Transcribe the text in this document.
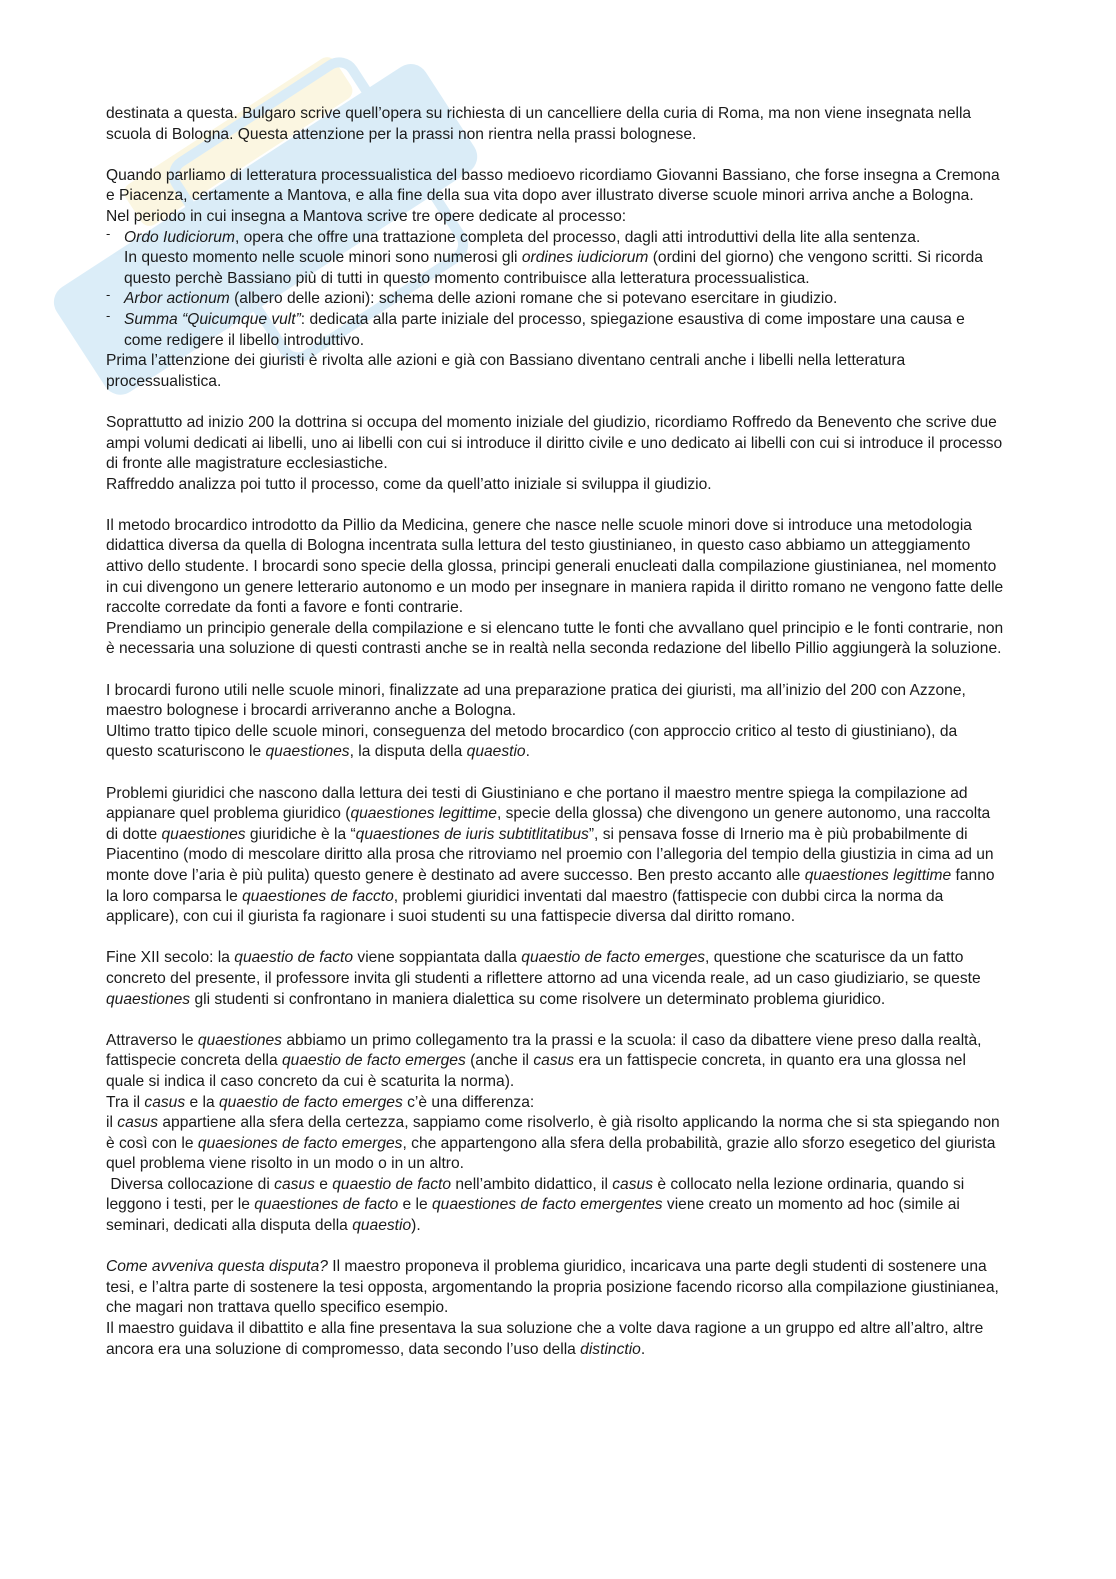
destinata a questa. Bulgaro scrive quell’opera su richiesta di un cancelliere della curia di Roma, ma non viene insegnata nella scuola di Bologna. Questa attenzione per la prassi non rientra nella prassi bolognese.

Quando parliamo di letteratura processualistica del basso medioevo ricordiamo Giovanni Bassiano, che forse insegna a Cremona e Piacenza, certamente a Mantova, e alla fine della sua vita dopo aver illustrato diverse scuole minori arriva anche a Bologna.

Nel periodo in cui insegna a Mantova scrive tre opere dedicate al processo:

- Ordo Iudiciorum, opera che offre una trattazione completa del processo, dagli atti introduttivi della lite alla sentenza.
In questo momento nelle scuole minori sono numerosi gli ordines iudiciorum (ordini del giorno) che vengono scritti. Si ricorda questo perchè Bassiano più di tutti in questo momento contribuisce alla letteratura processualistica.

- Arbor actionum (albero delle azioni): schema delle azioni romane che si potevano esercitare in giudizio.

- Summa “Quicumque vult”: dedicata alla parte iniziale del processo, spiegazione esaustiva di come impostare una causa e come redigere il libello introduttivo.

Prima l’attenzione dei giuristi è rivolta alle azioni e già con Bassiano diventano centrali anche i libelli nella letteratura processualistica.

Soprattutto ad inizio 200 la dottrina si occupa del momento iniziale del giudizio, ricordiamo Roffredo da Benevento che scrive due ampi volumi dedicati ai libelli, uno ai libelli con cui si introduce il diritto civile e uno dedicato ai libelli con cui si introduce il processo di fronte alle magistrature ecclesiastiche.

Raffreddo analizza poi tutto il processo, come da quell’atto iniziale si sviluppa il giudizio.

Il metodo brocardico introdotto da Pillio da Medicina, genere che nasce nelle scuole minori dove si introduce una metodologia didattica diversa da quella di Bologna incentrata sulla lettura del testo giustinianeo, in questo caso abbiamo un atteggiamento attivo dello studente. I brocardi sono specie della glossa, principi generali enucleati dalla compilazione giustinianea, nel momento in cui divengono un genere letterario autonomo e un modo per insegnare in maniera rapida il diritto romano ne vengono fatte delle raccolte corredate da fonti a favore e fonti contrarie.

Prendiamo un principio generale della compilazione e si elencano tutte le fonti che avvallano quel principio e le fonti contrarie, non è necessaria una soluzione di questi contrasti anche se in realtà nella seconda redazione del libello Pillio aggiungerà la soluzione.

I brocardi furono utili nelle scuole minori, finalizzate ad una preparazione pratica dei giuristi, ma all’inizio del 200 con Azzone, maestro bolognese i brocardi arriveranno anche a Bologna.

Ultimo tratto tipico delle scuole minori, conseguenza del metodo brocardico (con approccio critico al testo di giustiniano), da questo scaturiscono le quaestiones, la disputa della quaestio.

Problemi giuridici che nascono dalla lettura dei testi di Giustiniano e che portano il maestro mentre spiega la compilazione ad appianare quel problema giuridico (quaestiones legittime, specie della glossa) che divengono un genere autonomo, una raccolta di dotte quaestiones giuridiche è la “quaestiones de iuris subtitlitatibus”, si pensava fosse di Irnerio ma è più probabilmente di Piacentino (modo di mescolare diritto alla prosa che ritroviamo nel proemio con l’allegoria del tempio della giustizia in cima ad un monte dove l’aria è più pulita) questo genere è destinato ad avere successo. Ben presto accanto alle quaestiones legittime fanno la loro comparsa le quaestiones de faccto, problemi giuridici inventati dal maestro (fattispecie con dubbi circa la norma da applicare), con cui il giurista fa ragionare i suoi studenti su una fattispecie diversa dal diritto romano.

Fine XII secolo: la quaestio de facto viene soppiantata dalla quaestio de facto emerges, questione che scaturisce da un fatto concreto del presente, il professore invita gli studenti a riflettere attorno ad una vicenda reale, ad un caso giudiziario, se queste quaestiones gli studenti si confrontano in maniera dialettica su come risolvere un determinato problema giuridico.

Attraverso le quaestiones abbiamo un primo collegamento tra la prassi e la scuola: il caso da dibattere viene preso dalla realtà, fattispecie concreta della quaestio de facto emerges (anche il casus era un fattispecie concreta, in quanto era una glossa nel quale si indica il caso concreto da cui è scaturita la norma).

Tra il casus e la quaestio de facto emerges c’è una differenza:

il casus appartiene alla sfera della certezza, sappiamo come risolverlo, è già risolto applicando la norma che si sta spiegando non è così con le quaesiones de facto emerges, che appartengono alla sfera della probabilità, grazie allo sforzo esegetico del giurista quel problema viene risolto in un modo o in un altro.

Diversa collocazione di casus e quaestio de facto nell’ambito didattico, il casus è collocato nella lezione ordinaria, quando si leggono i testi, per le quaestiones de facto e le quaestiones de facto emergentes viene creato un momento ad hoc (simile ai seminari, dedicati alla disputa della quaestio).

Come avveniva questa disputa? Il maestro proponeva il problema giuridico, incaricava una parte degli studenti di sostenere una tesi, e l’altra parte di sostenere la tesi opposta, argomentando la propria posizione facendo ricorso alla compilazione giustinianea, che magari non trattava quello specifico esempio.

Il maestro guidava il dibattito e alla fine presentava la sua soluzione che a volte dava ragione a un gruppo ed altre all’altro, altre ancora era una soluzione di compromesso, data secondo l’uso della distinctio.
